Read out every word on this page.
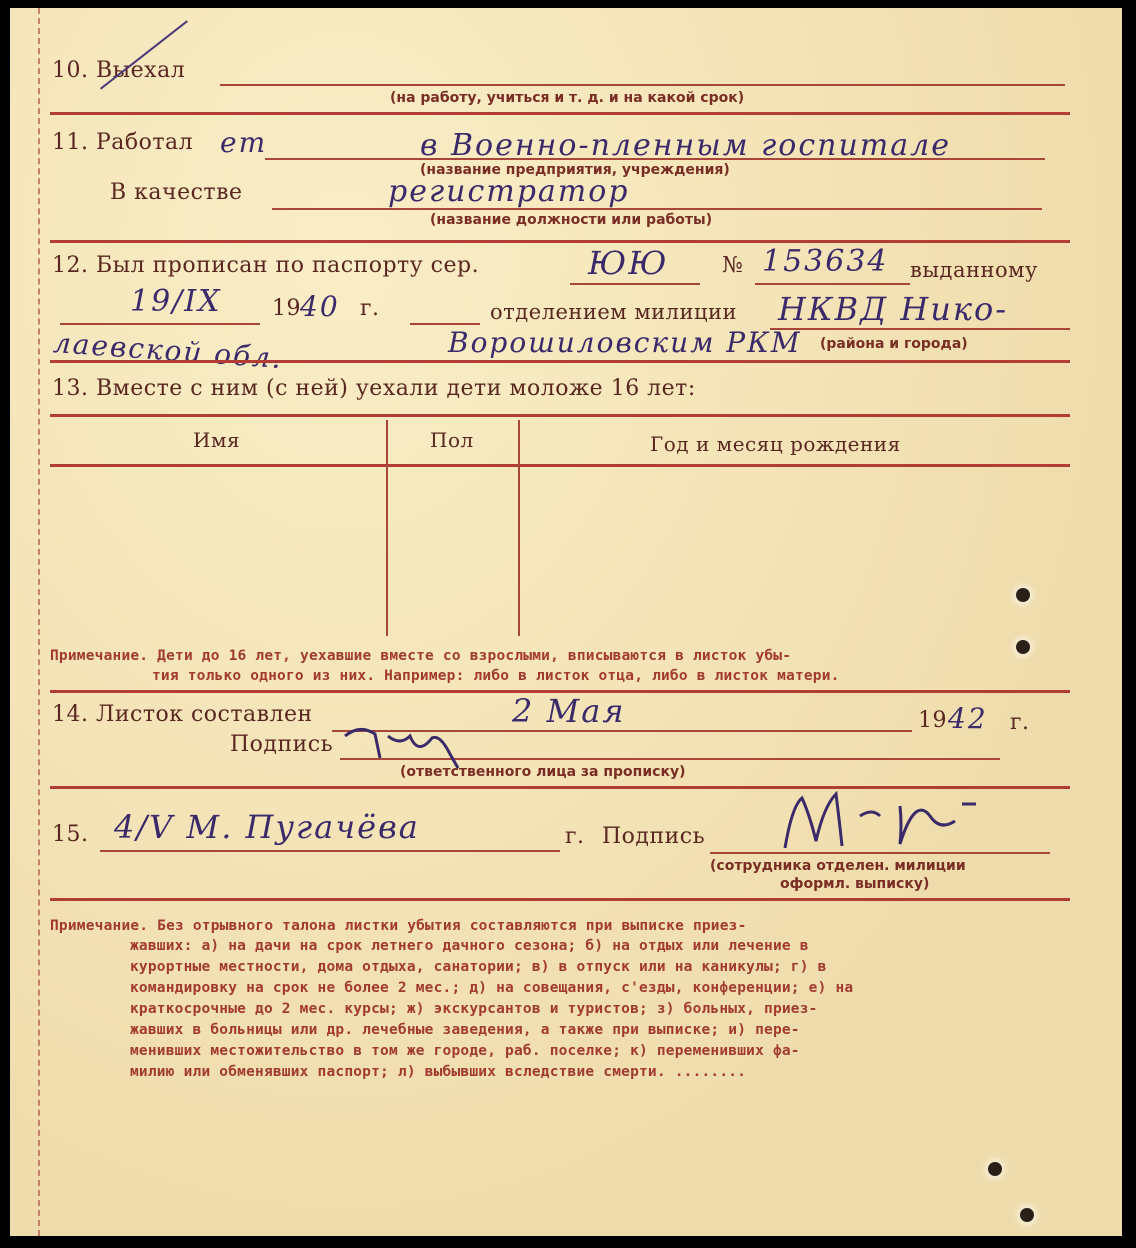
10. Выехал
(на работу, учиться и т. д. и на какой срок)
11. Работал ет	в Военно-пленным госпитале
(название предприятия, учреждения)
В качестве	регистратор
(название должности или работы)
12. Был прописан по паспорту сер.	ЮЮ № 153634 выданному
19/IX 19 40 г.	отделением милиции НКВД Нико-
лаевской обл.	Ворошиловским РКМ (района и города)
13. Вместе с ним (с ней) уехали дети моложе 16 лет:
Имя	Пол	Год и месяц рождения
Примечание. Дети до 16 лет, уехавшие вместе со взрослыми, вписываются в листок убы-
тия только одного из них. Например: либо в листок отца, либо в листок матери.
14. Листок составлен	2 Мая	19 42 г.
Подпись
(ответственного лица за прописку)
15. 4/V М. Пугачёва	г. Подпись
(сотрудника отделен. милиции
оформл. выписку)
Примечание. Без отрывного талона листки убытия составляются при выписке приез-
жавших: а) на дачи на срок летнего дачного сезона; б) на отдых или лечение в
курортные местности, дома отдыха, санатории; в) в отпуск или на каникулы; г) в
командировку на срок не более 2 мес.; д) на совещания, с'езды, конференции; е) на
краткосрочные до 2 мес. курсы; ж) экскурсантов и туристов; з) больных, приез-
жавших в больницы или др. лечебные заведения, а также при выписке; и) пере-
менивших местожительство в том же городе, раб. поселке; к) переменивших фа-
милию или обменявших паспорт; л) выбывших вследствие смерти. ........
